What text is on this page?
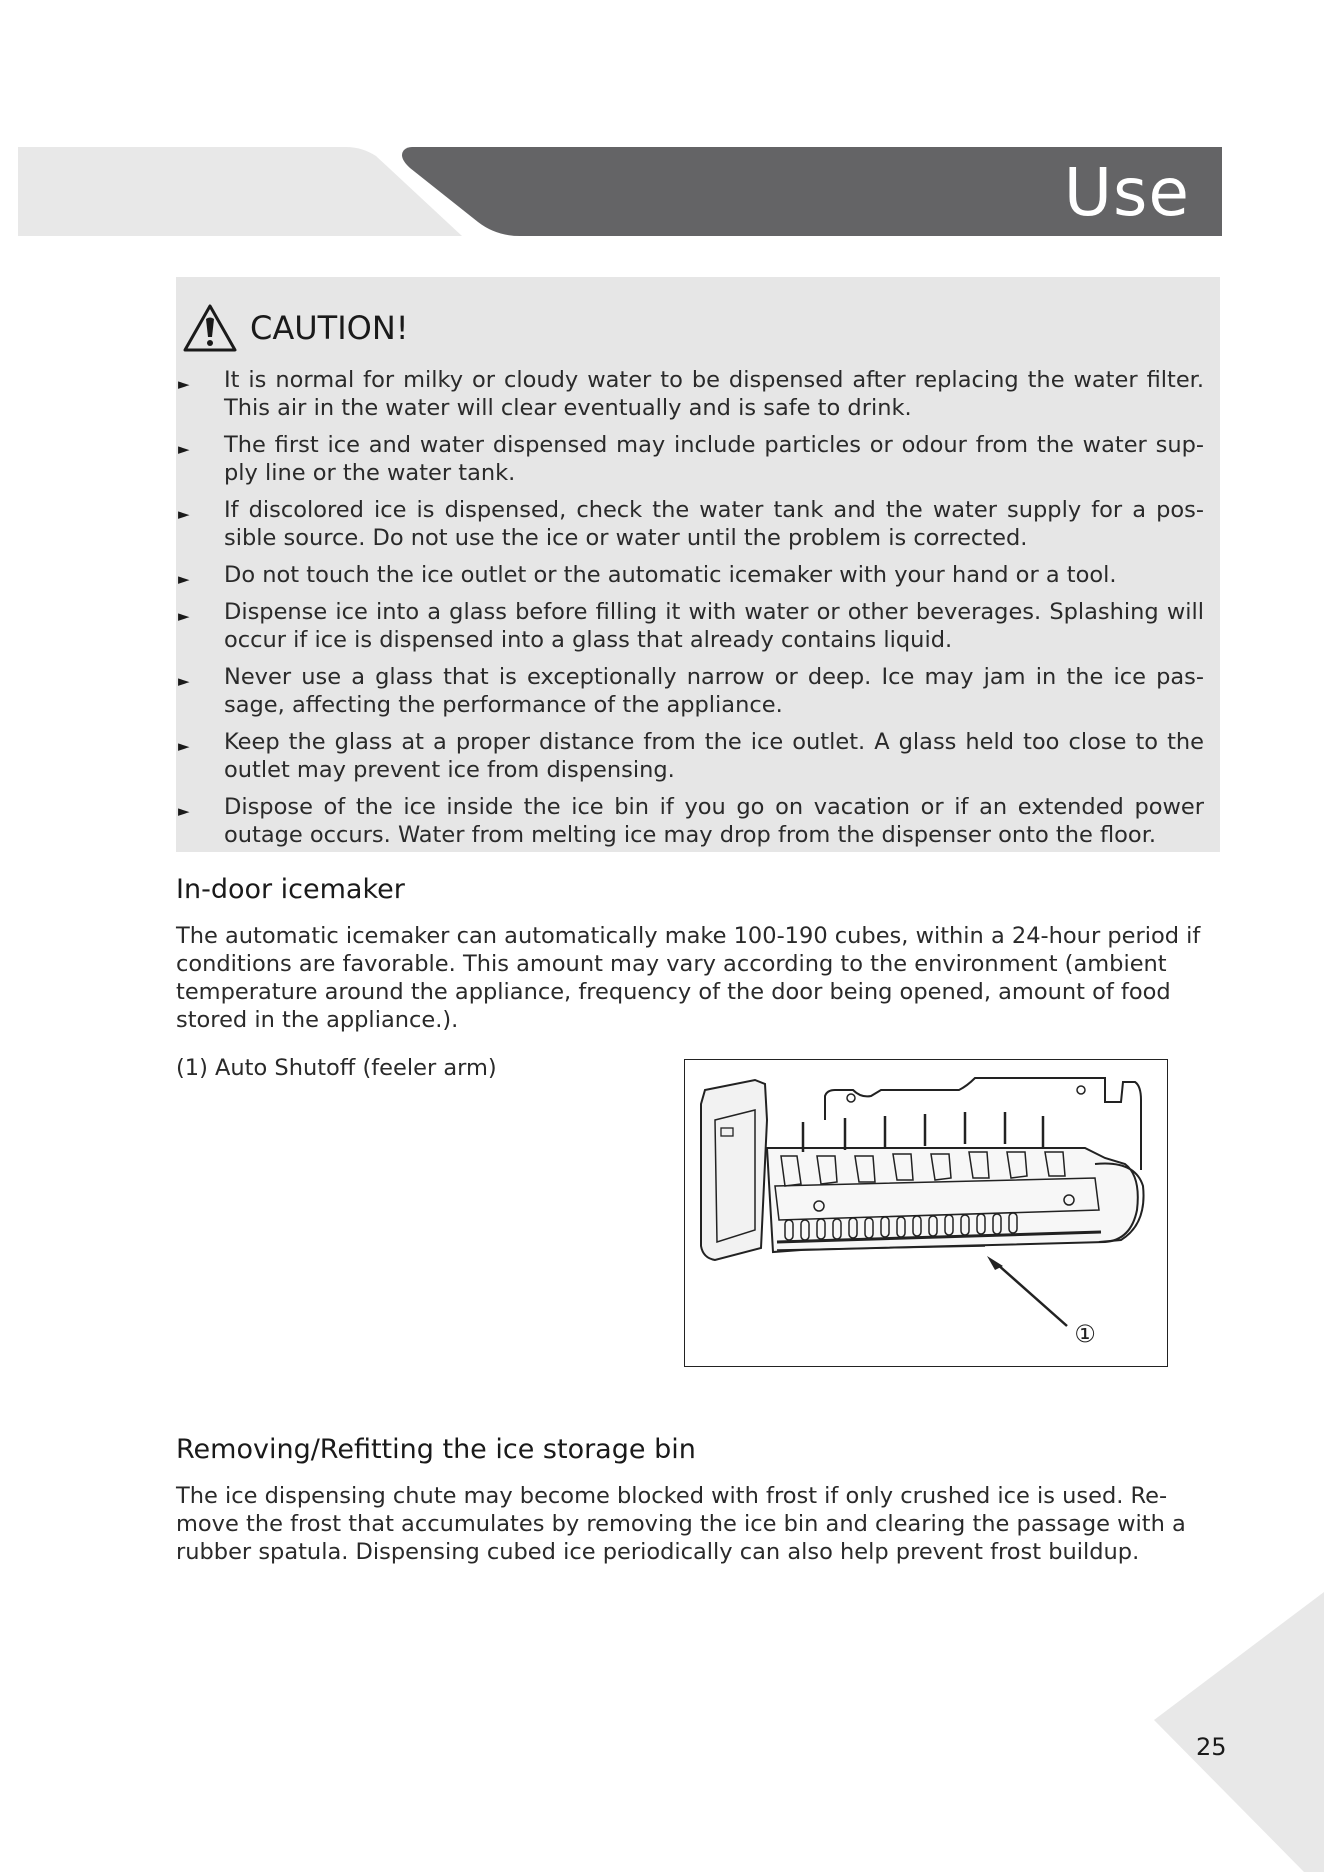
Use
CAUTION!
► It is normal for milky or cloudy water to be dispensed after replacing the water filter. This air in the water will clear eventually and is safe to drink.
► The first ice and water dispensed may include particles or odour from the water sup-ply line or the water tank.
► If discolored ice is dispensed, check the water tank and the water supply for a pos-sible source. Do not use the ice or water until the problem is corrected.
► Do not touch the ice outlet or the automatic icemaker with your hand or a tool.
► Dispense ice into a glass before filling it with water or other beverages. Splashing will occur if ice is dispensed into a glass that already contains liquid.
► Never use a glass that is exceptionally narrow or deep. Ice may jam in the ice pas-sage, affecting the performance of the appliance.
► Keep the glass at a proper distance from the ice outlet. A glass held too close to the outlet may prevent ice from dispensing.
► Dispose of the ice inside the ice bin if you go on vacation or if an extended power outage occurs. Water from melting ice may drop from the dispenser onto the floor.
In-door icemaker

The automatic icemaker can automatically make 100-190 cubes, within a 24-hour period if conditions are favorable. This amount may vary according to the environment (ambient temperature around the appliance, frequency of the door being opened, amount of food stored in the appliance.).

(1) Auto Shutoff (feeler arm)

①
Removing/Refitting the ice storage bin

The ice dispensing chute may become blocked with frost if only crushed ice is used. Re-move the frost that accumulates by removing the ice bin and clearing the passage with a rubber spatula. Dispensing cubed ice periodically can also help prevent frost buildup.

25
